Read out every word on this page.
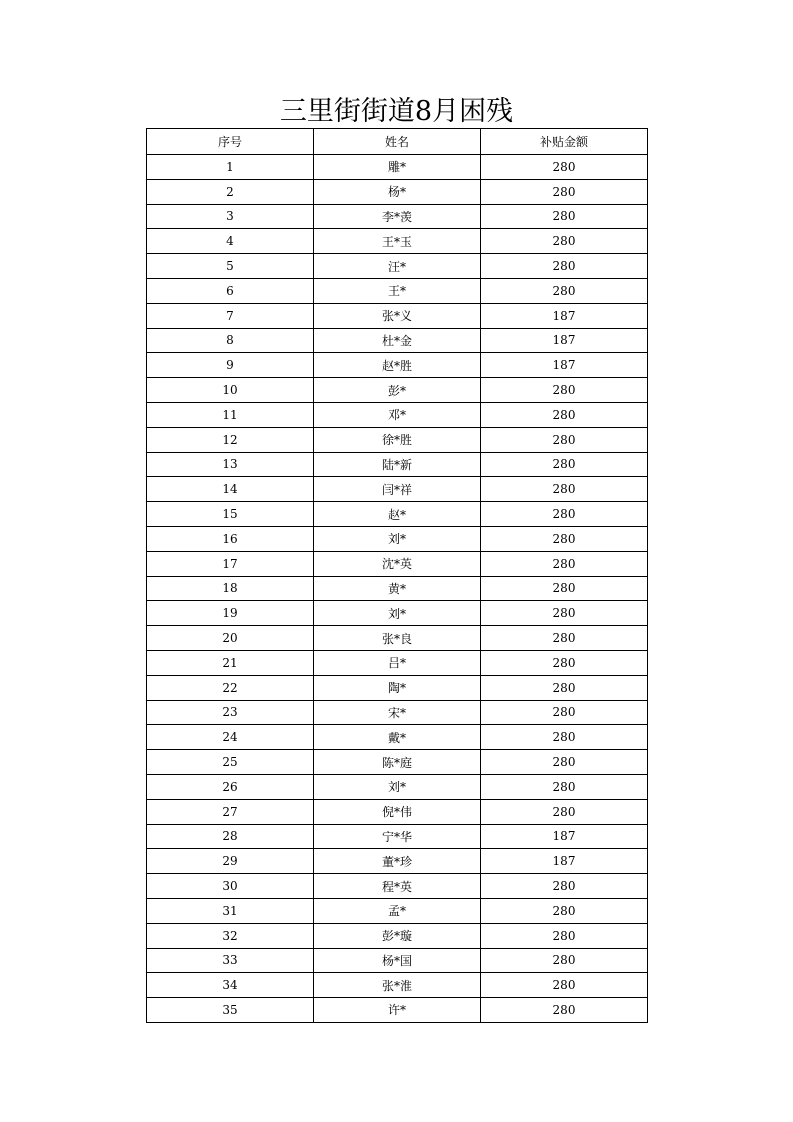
三里街街道8月困残
序号	姓名	补贴金额
1	雕*	280
2	杨*	280
3	李*羡	280
4	王*玉	280
5	汪*	280
6	王*	280
7	张*义	187
8	杜*金	187
9	赵*胜	187
10	彭*	280
11	邓*	280
12	徐*胜	280
13	陆*新	280
14	闫*祥	280
15	赵*	280
16	刘*	280
17	沈*英	280
18	黄*	280
19	刘*	280
20	张*良	280
21	吕*	280
22	陶*	280
23	宋*	280
24	戴*	280
25	陈*庭	280
26	刘*	280
27	倪*伟	280
28	宁*华	187
29	董*珍	187
30	程*英	280
31	孟*	280
32	彭*璇	280
33	杨*国	280
34	张*淮	280
35	许*	280
